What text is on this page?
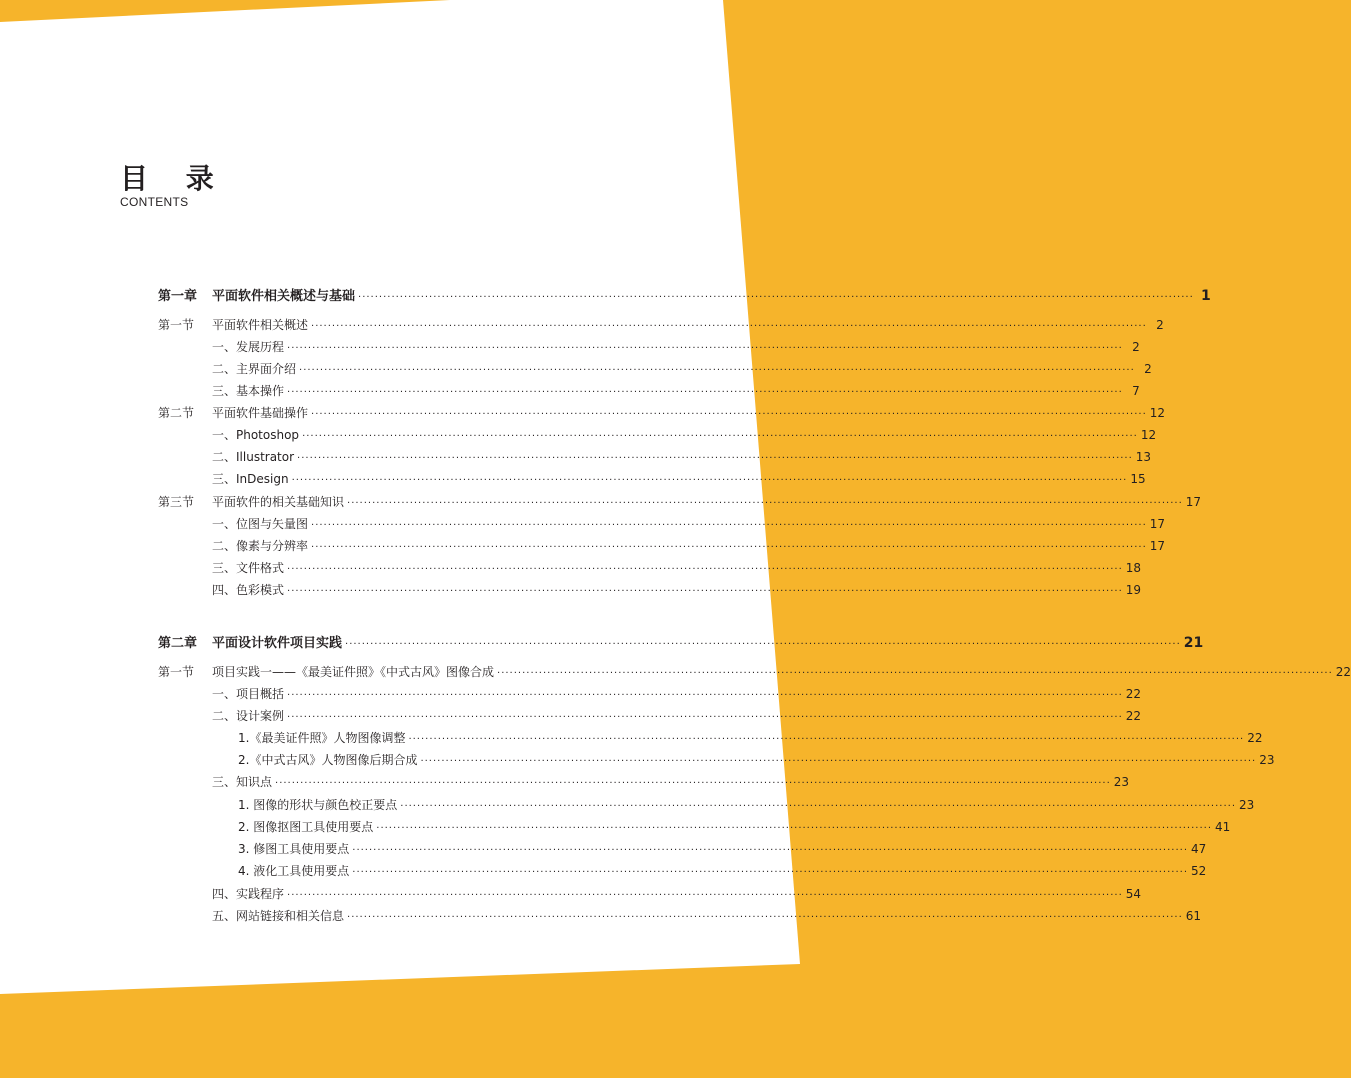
目 录
CONTENTS
第一章	平面软件相关概述与基础 ········································································································································································································ 1
第一节	平面软件相关概述 ········································································································································································································ 2
一、发展历程 ········································································································································································································ 2
二、主界面介绍 ········································································································································································································ 2
三、基本操作 ········································································································································································································ 7
第二节	平面软件基础操作 ········································································································································································································ 12
一、Photoshop ········································································································································································································ 12
二、Illustrator ········································································································································································································ 13
三、InDesign ········································································································································································································ 15
第三节	平面软件的相关基础知识 ········································································································································································································ 17
一、位图与矢量图 ········································································································································································································ 17
二、像素与分辨率 ········································································································································································································ 17
三、文件格式 ········································································································································································································ 18
四、色彩模式 ········································································································································································································ 19
第二章	平面设计软件项目实践 ········································································································································································································ 21
第一节	项目实践一——《最美证件照》《中式古风》图像合成 ········································································································································································································ 22
一、项目概括 ········································································································································································································ 22
二、设计案例 ········································································································································································································ 22
1.《最美证件照》人物图像调整 ········································································································································································································ 22
2.《中式古风》人物图像后期合成 ········································································································································································································ 23
三、知识点 ········································································································································································································ 23
1. 图像的形状与颜色校正要点 ········································································································································································································ 23
2. 图像抠图工具使用要点 ········································································································································································································ 41
3. 修图工具使用要点 ········································································································································································································ 47
4. 液化工具使用要点 ········································································································································································································ 52
四、实践程序 ········································································································································································································ 54
五、网站链接和相关信息 ········································································································································································································ 61
